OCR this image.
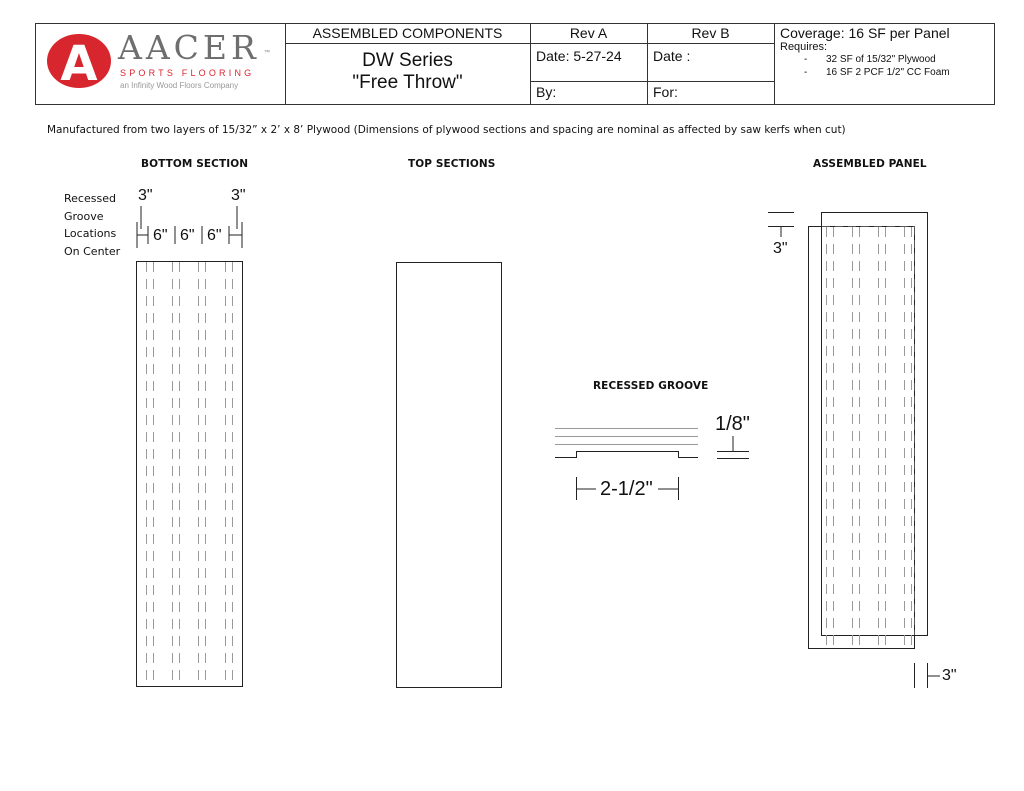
A AACER ™
SPORTS FLOORING
an Infinity Wood Floors Company
ASSEMBLED COMPONENTS
DW Series
"Free Throw"
Rev A
Date: 5-27-24
By:
Rev B
Date :
For:
Coverage: 16 SF per Panel
Requires:
- 32 SF of 15/32" Plywood
- 16 SF 2 PCF 1/2" CC Foam
Manufactured from two layers of 15/32” x 2’ x 8’ Plywood (Dimensions of plywood sections and spacing are nominal as affected by saw kerfs when cut)
BOTTOM SECTION	TOP SECTIONS	ASSEMBLED PANEL
RECESSED GROOVE
Recessed
Groove
Locations
On Center
3"	3"
6" 6" 6"
3"
3"
1/8"
2-1/2"
